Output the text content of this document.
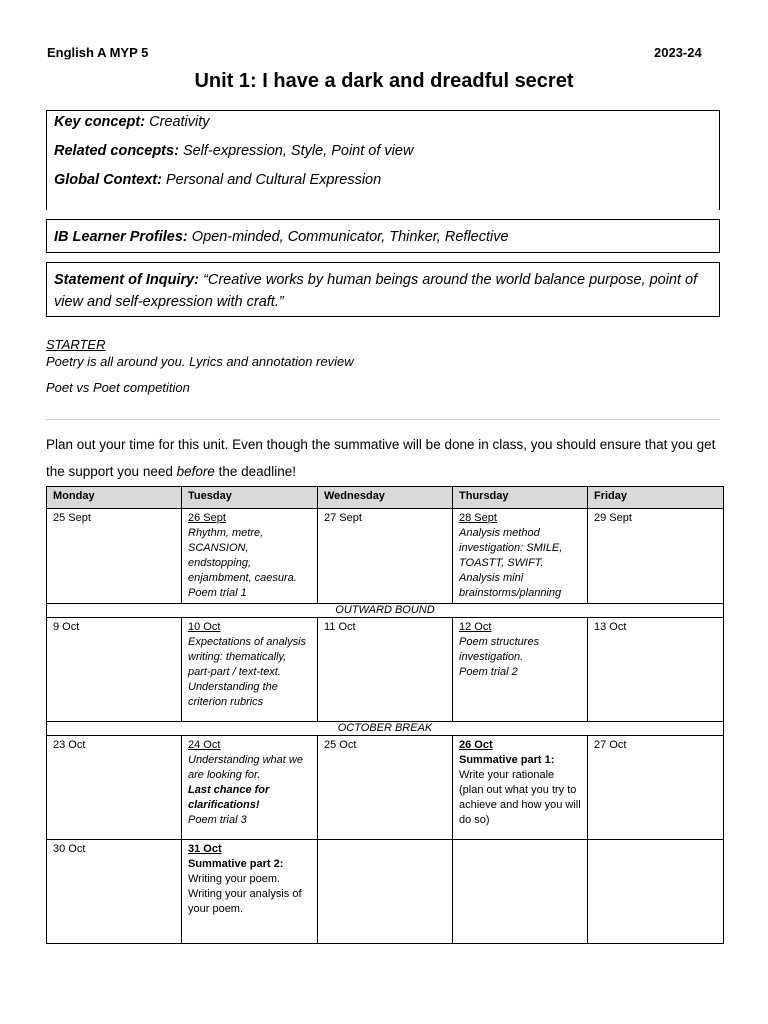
English A MYP 5	2023-24
Unit 1: I have a dark and dreadful secret
Key concept: Creativity
Related concepts: Self-expression, Style, Point of view
Global Context: Personal and Cultural Expression
IB Learner Profiles: Open-minded, Communicator, Thinker, Reflective
Statement of Inquiry: “Creative works by human beings around the world balance purpose, point of view and self-expression with craft.”
STARTER
Poetry is all around you. Lyrics and annotation review
Poet vs Poet competition
Plan out your time for this unit. Even though the summative will be done in class, you should ensure that you get the support you need before the deadline!
Monday	Tuesday	Wednesday	Thursday	Friday

25 Sept	26 Sept
Rhythm, metre, SCANSION, endstopping, enjambment, caesura.
Poem trial 1	27 Sept	28 Sept
Analysis method investigation: SMILE, TOASTT, SWIFT.
Analysis mini brainstorms/planning	29 Sept

OUTWARD BOUND				

9 Oct	10 Oct
Expectations of analysis writing: thematically, part-part / text-text.
Understanding the criterion rubrics	11 Oct	12 Oct
Poem structures investigation.
Poem trial 2	13 Oct

OCTOBER BREAK				

23 Oct	24 Oct
Understanding what we are looking for.
Last chance for clarifications!
Poem trial 3	25 Oct	26 Oct
Summative part 1:
Write your rationale (plan out what you try to achieve and how you will do so)	27 Oct

30 Oct	31 Oct
Summative part 2:
Writing your poem.
Writing your analysis of your poem.			
